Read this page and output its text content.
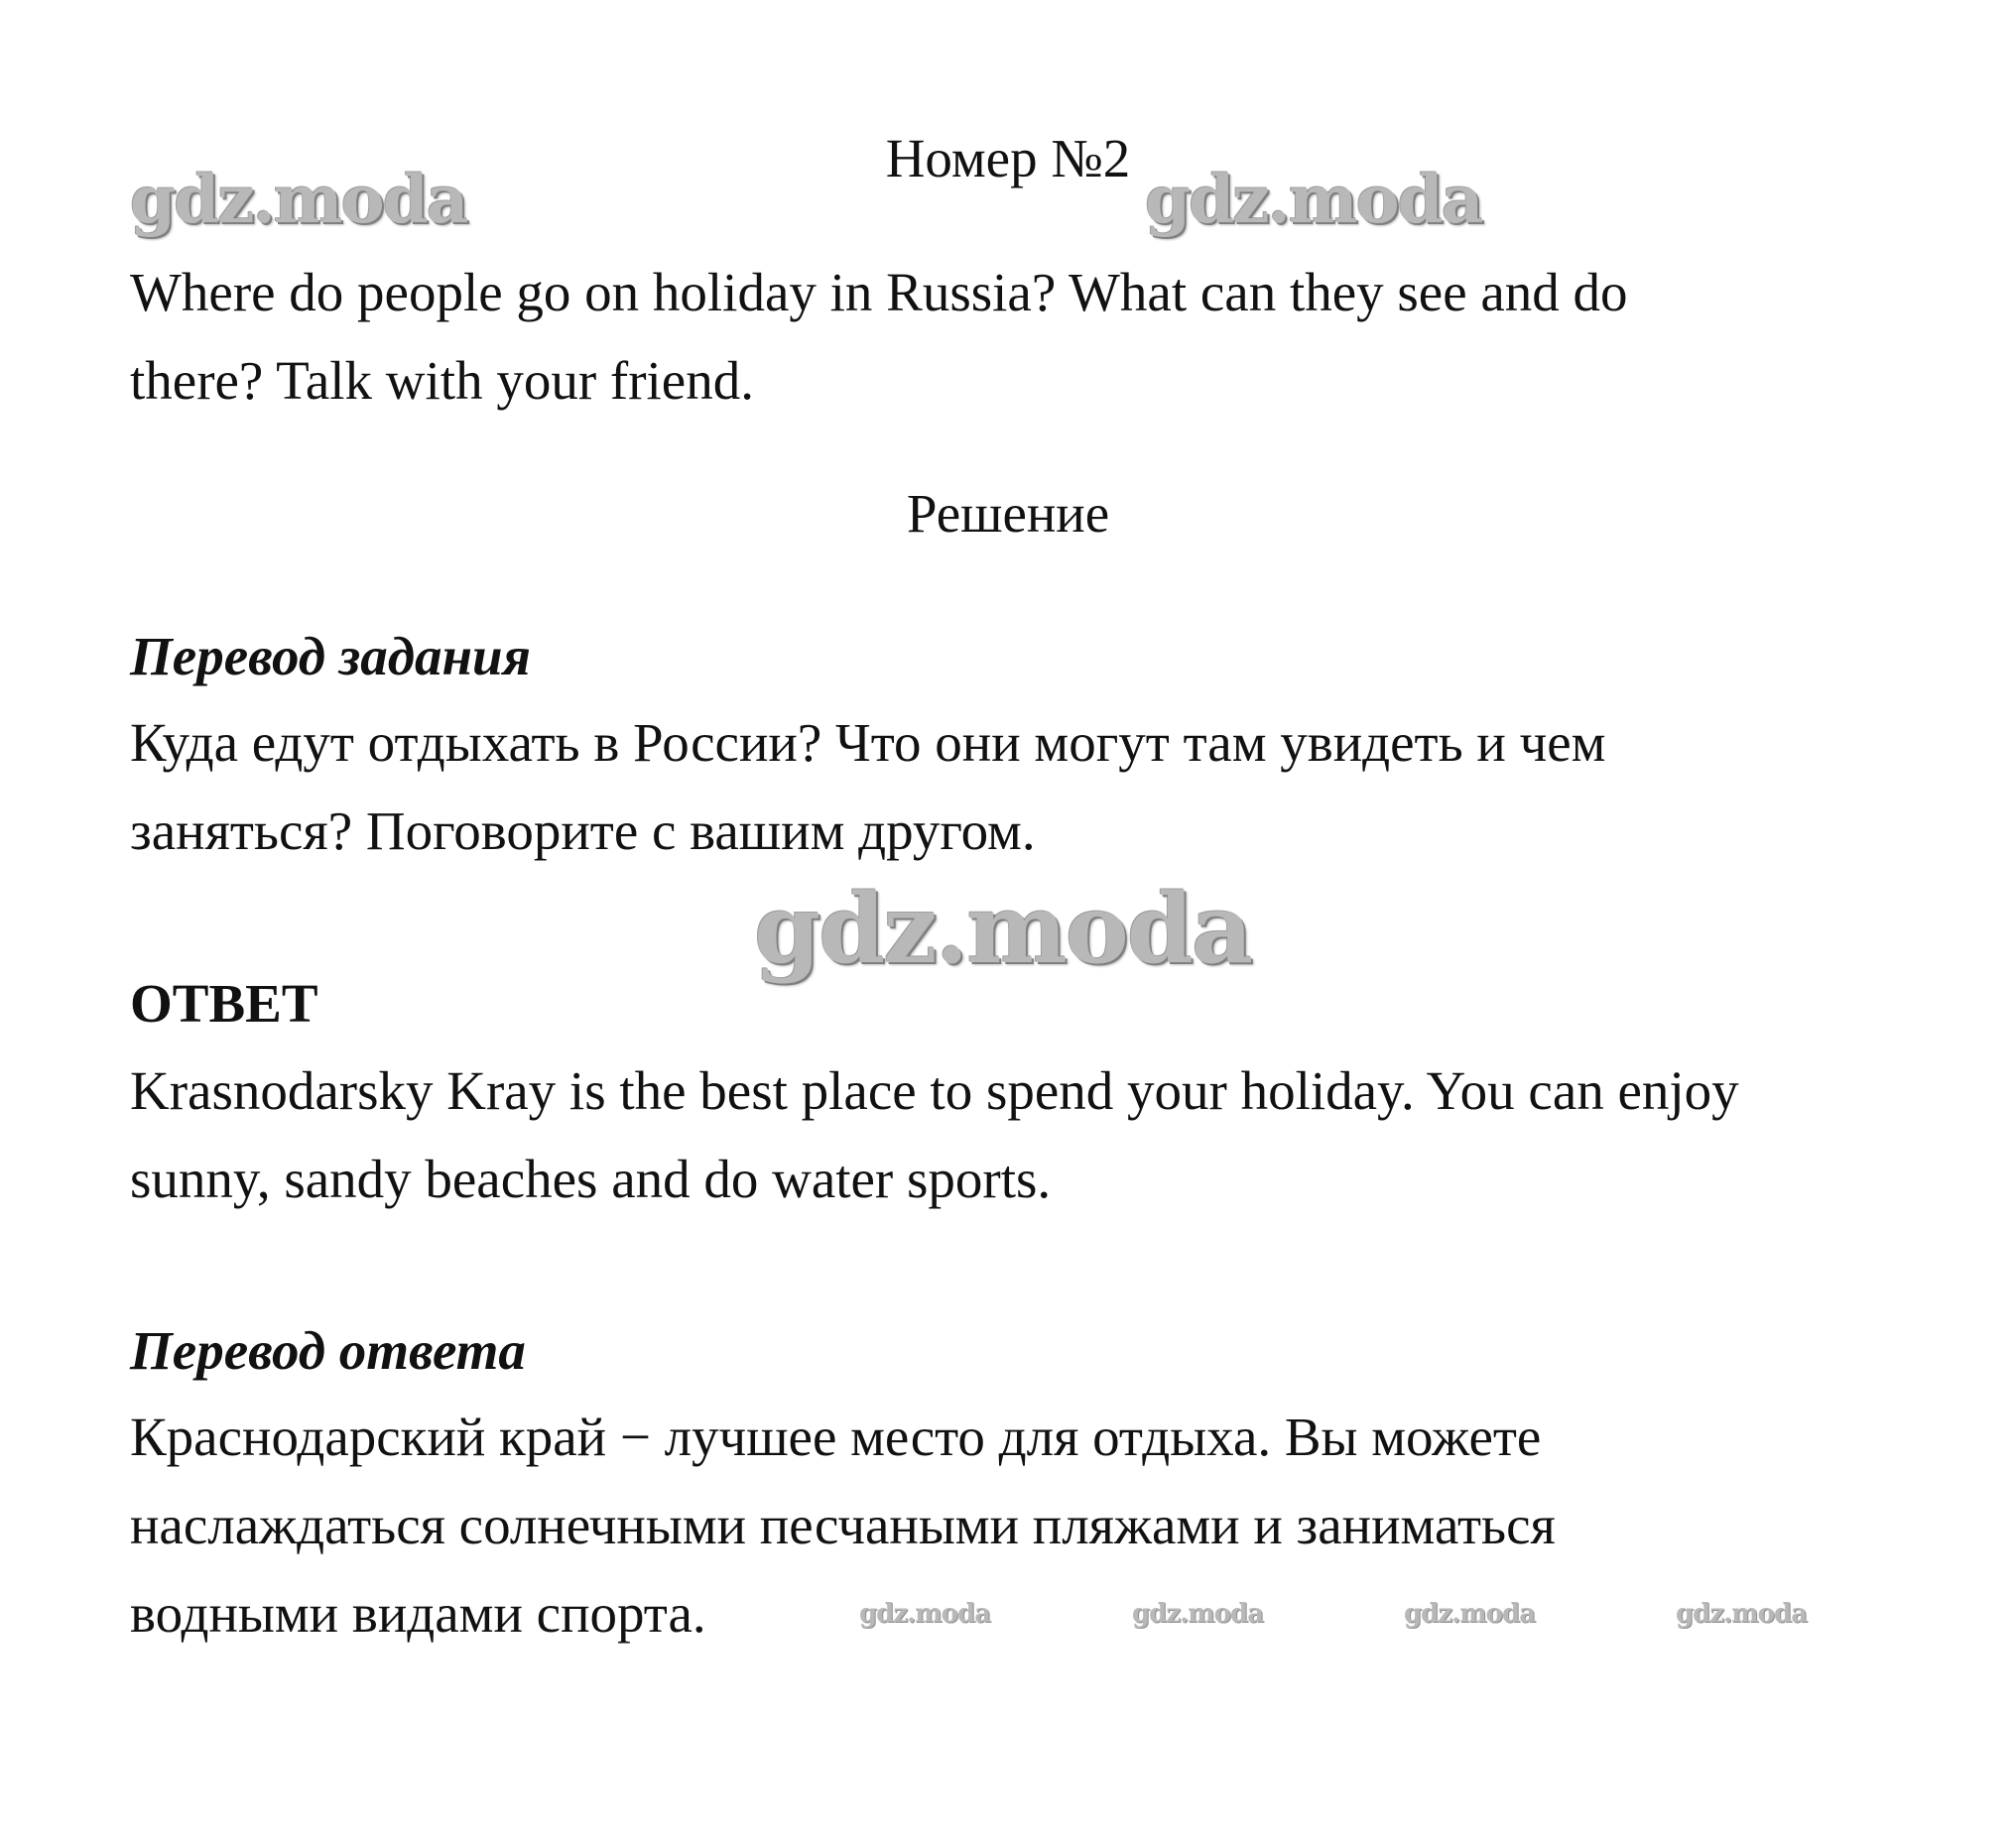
Номер №2
gdz.moda	gdz.moda
Where do people go on holiday in Russia? What can they see and do
there? Talk with your friend.
Решение
Перевод задания
Куда едут отдыхать в России? Что они могут там увидеть и чем
заняться? Поговорите с вашим другом.
gdz.moda
ОТВЕТ
Krasnodarsky Kray is the best place to spend your holiday. You can enjoy
sunny, sandy beaches and do water sports.
Перевод ответа
Краснодарский край − лучшее место для отдыха. Вы можете
наслаждаться солнечными песчаными пляжами и заниматься
водными видами спорта.	gdz.moda	gdz.moda	gdz.moda	gdz.moda
